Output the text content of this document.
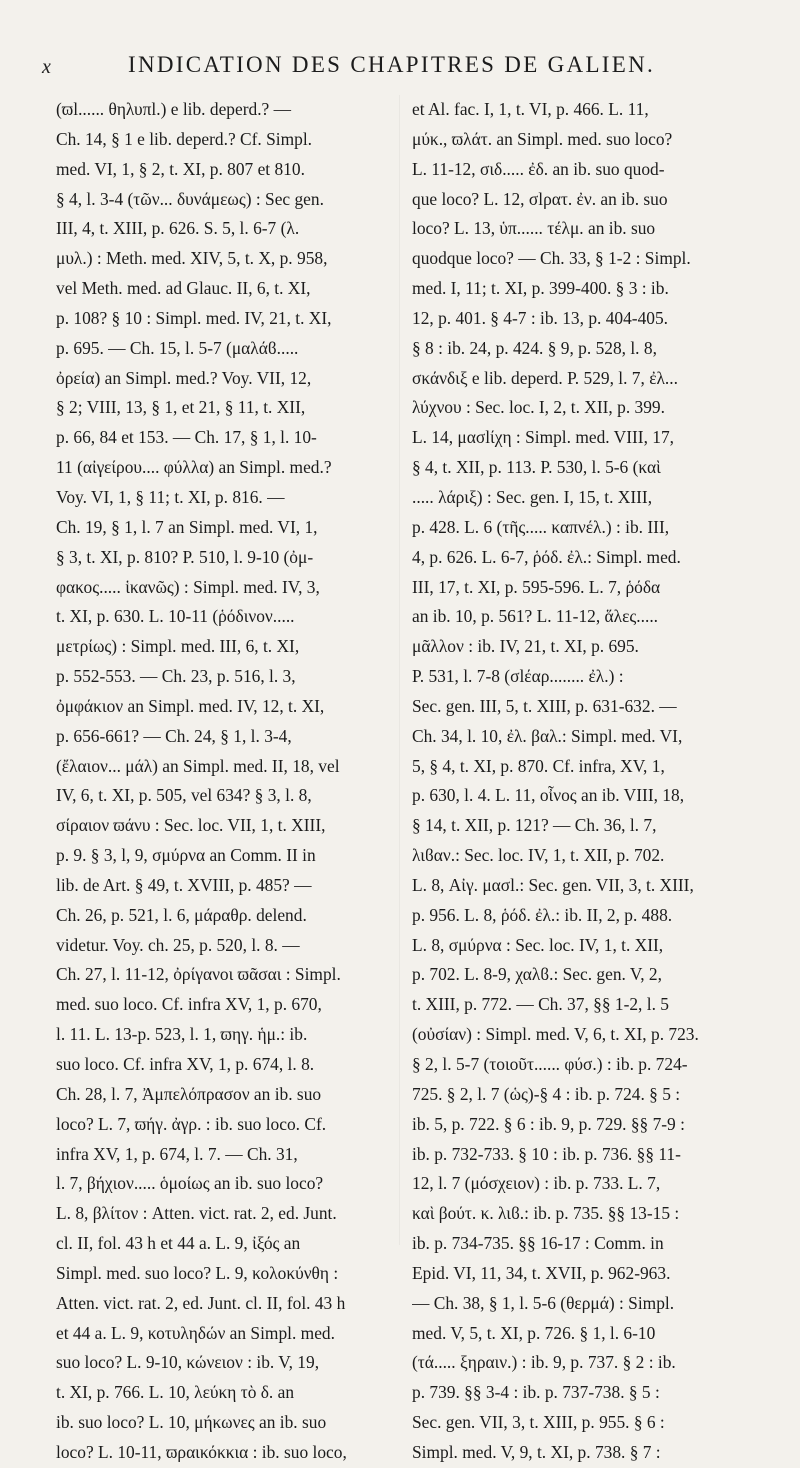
x	INDICATION DES CHAPITRES DE GALIEN.
(ϖl...... θηλυπl.) e lib. deperd.? —
Ch. 14, § 1 e lib. deperd.? Cf. Simpl.
med. VI, 1, § 2, t. XI, p. 807 et 810.
§ 4, l. 3-4 (τῶν... δυνάμεως) : Sec gen.
III, 4, t. XIII, p. 626. S. 5, l. 6-7 (λ.
μυλ.) : Meth. med. XIV, 5, t. X, p. 958,
vel Meth. med. ad Glauc. II, 6, t. XI,
p. 108? § 10 : Simpl. med. IV, 21, t. XI,
p. 695. — Ch. 15, l. 5-7 (μαλάϐ.....
ὀρεία) an Simpl. med.? Voy. VII, 12,
§ 2; VIII, 13, § 1, et 21, § 11, t. XII,
p. 66, 84 et 153. — Ch. 17, § 1, l. 10-
11 (αἰγείρου.... φύλλα) an Simpl. med.?
Voy. VI, 1, § 11; t. XI, p. 816. —
Ch. 19, § 1, l. 7 an Simpl. med. VI, 1,
§ 3, t. XI, p. 810? P. 510, l. 9-10 (ὀμ-
φακος..... ἱκανῶς) : Simpl. med. IV, 3,
t. XI, p. 630. L. 10-11 (ῥόδινον.....
μετρίως) : Simpl. med. III, 6, t. XI,
p. 552-553. — Ch. 23, p. 516, l. 3,
ὀμφάκιον an Simpl. med. IV, 12, t. XI,
p. 656-661? — Ch. 24, § 1, l. 3-4,
(ἔλαιον... μάλ) an Simpl. med. II, 18, vel
IV, 6, t. XI, p. 505, vel 634? § 3, l. 8,
σίραιον ϖάνυ : Sec. loc. VII, 1, t. XIII,
p. 9. § 3, l, 9, σμύρνα an Comm. II in
lib. de Art. § 49, t. XVIII, p. 485? —
Ch. 26, p. 521, l. 6, μάραθρ. delend.
videtur. Voy. ch. 25, p. 520, l. 8. —
Ch. 27, l. 11-12, ὀρίγανοι ϖᾶσαι : Simpl.
med. suo loco. Cf. infra XV, 1, p. 670,
l. 11. L. 13-p. 523, l. 1, ϖηγ. ἡμ.: ib.
suo loco. Cf. infra XV, 1, p. 674, l. 8.
Ch. 28, l. 7, Ἀμπελόπρασον an ib. suo
loco? L. 7, ϖήγ. ἀγρ. : ib. suo loco. Cf.
infra XV, 1, p. 674, l. 7. — Ch. 31,
l. 7, βήχιον..... ὁμοίως an ib. suo loco?
L. 8, βλίτον : Atten. vict. rat. 2, ed. Junt.
cl. II, fol. 43 h et 44 a. L. 9, ἰξός an
Simpl. med. suo loco? L. 9, κολοκύνθη :
Atten. vict. rat. 2, ed. Junt. cl. II, fol. 43 h
et 44 a. L. 9, κοτυληδών an Simpl. med.
suo loco? L. 9-10, κώνειον : ib. V, 19,
t. XI, p. 766. L. 10, λεύκη τὸ δ. an
ib. suo loco? L. 10, μήκωνες an ib. suo
loco? L. 10-11, ϖραικόκκια : ib. suo loco,
et Al. fac. I, 1, t. VI, p. 466. L. 11,
μύκ., ϖλάτ. an Simpl. med. suo loco?
L. 11-12, σιδ..... ἐδ. an ib. suo quod-
que loco? L. 12, σlρατ. ἐν. an ib. suo
loco? L. 13, ὑπ...... τέλμ. an ib. suo
quodque loco? — Ch. 33, § 1-2 : Simpl.
med. I, 11; t. XI, p. 399-400. § 3 : ib.
12, p. 401. § 4-7 : ib. 13, p. 404-405.
§ 8 : ib. 24, p. 424. § 9, p. 528, l. 8,
σκάνδιξ e lib. deperd. P. 529, l. 7, ἐλ...
λύχνου : Sec. loc. I, 2, t. XII, p. 399.
L. 14, μασlίχη : Simpl. med. VIII, 17,
§ 4, t. XII, p. 113. P. 530, l. 5-6 (καὶ
..... λάριξ) : Sec. gen. I, 15, t. XIII,
p. 428. L. 6 (τῆς..... καπνέλ.) : ib. III,
4, p. 626. L. 6-7, ῥόδ. ἐλ.: Simpl. med.
III, 17, t. XI, p. 595-596. L. 7, ῥόδα
an ib. 10, p. 561? L. 11-12, ἅλες.....
μᾶλλον : ib. IV, 21, t. XI, p. 695.
P. 531, l. 7-8 (σlέαρ........ ἐλ.) :
Sec. gen. III, 5, t. XIII, p. 631-632. —
Ch. 34, l. 10, ἐλ. βαλ.: Simpl. med. VI,
5, § 4, t. XI, p. 870. Cf. infra, XV, 1,
p. 630, l. 4. L. 11, οἶνος an ib. VIII, 18,
§ 14, t. XII, p. 121? — Ch. 36, l. 7,
λιϐαν.: Sec. loc. IV, 1, t. XII, p. 702.
L. 8, Αἰγ. μασl.: Sec. gen. VII, 3, t. XIII,
p. 956. L. 8, ῥόδ. ἐλ.: ib. II, 2, p. 488.
L. 8, σμύρνα : Sec. loc. IV, 1, t. XII,
p. 702. L. 8-9, χαλϐ.: Sec. gen. V, 2,
t. XIII, p. 772. — Ch. 37, §§ 1-2, l. 5
(οὐσίαν) : Simpl. med. V, 6, t. XI, p. 723.
§ 2, l. 5-7 (τοιοῦτ...... φύσ.) : ib. p. 724-
725. § 2, l. 7 (ὡς)-§ 4 : ib. p. 724. § 5 :
ib. 5, p. 722. § 6 : ib. 9, p. 729. §§ 7-9 :
ib. p. 732-733. § 10 : ib. p. 736. §§ 11-
12, l. 7 (μόσχειον) : ib. p. 733. L. 7,
καὶ βούτ. κ. λιϐ.: ib. p. 735. §§ 13-15 :
ib. p. 734-735. §§ 16-17 : Comm. in
Epid. VI, 11, 34, t. XVII, p. 962-963.
— Ch. 38, § 1, l. 5-6 (θερμά) : Simpl.
med. V, 5, t. XI, p. 726. § 1, l. 6-10
(τά..... ξηραιν.) : ib. 9, p. 737. § 2 : ib.
p. 739. §§ 3-4 : ib. p. 737-738. § 5 :
Sec. gen. VII, 3, t. XIII, p. 955. § 6 :
Simpl. med. V, 9, t. XI, p. 738. § 7 :
